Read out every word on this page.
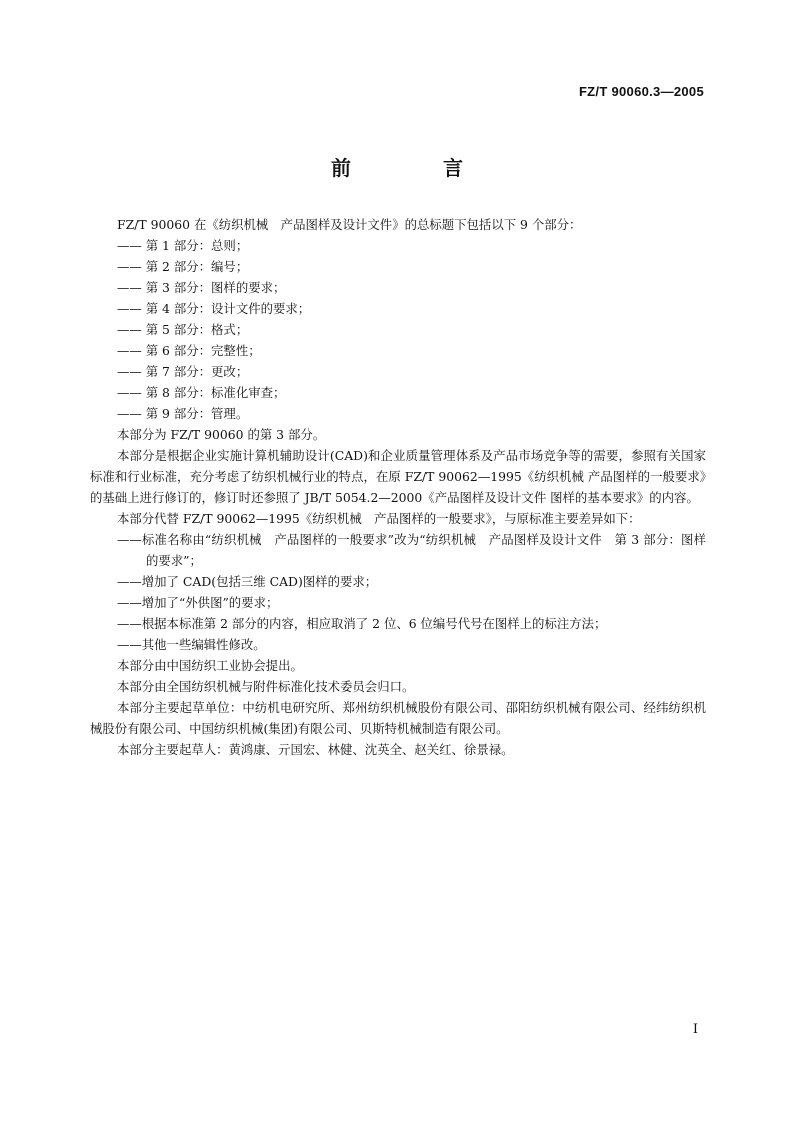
FZ/T 90060.3—2005
前　言

FZ/T 90060 在《纺织机械　产品图样及设计文件》的总标题下包括以下 9 个部分：

—— 第 1 部分：总则；

—— 第 2 部分：编号；

—— 第 3 部分：图样的要求；

—— 第 4 部分：设计文件的要求；

—— 第 5 部分：格式；

—— 第 6 部分：完整性；

—— 第 7 部分：更改；

—— 第 8 部分：标准化审查；

—— 第 9 部分：管理。

本部分为 FZ/T 90060 的第 3 部分。

本部分是根据企业实施计算机辅助设计(CAD)和企业质量管理体系及产品市场竞争等的需要，参照有关国家标准和行业标准，充分考虑了纺织机械行业的特点，在原 FZ/T 90062—1995《纺织机械 产品图样的一般要求》的基础上进行修订的，修订时还参照了 JB/T 5054.2—2000《产品图样及设计文件 图样的基本要求》的内容。

本部分代替 FZ/T 90062—1995《纺织机械　产品图样的一般要求》，与原标准主要差异如下：

——标准名称由“纺织机械　产品图样的一般要求”改为“纺织机械　产品图样及设计文件　第 3 部分：图样的要求”；

——增加了 CAD(包括三维 CAD)图样的要求；

——增加了“外供图”的要求；

——根据本标准第 2 部分的内容，相应取消了 2 位、6 位编号代号在图样上的标注方法；

——其他一些编辑性修改。

本部分由中国纺织工业协会提出。

本部分由全国纺织机械与附件标准化技术委员会归口。

本部分主要起草单位：中纺机电研究所、郑州纺织机械股份有限公司、邵阳纺织机械有限公司、经纬纺织机械股份有限公司、中国纺织机械(集团)有限公司、贝斯特机械制造有限公司。

本部分主要起草人：黄鸿康、亓国宏、林健、沈英全、赵关红、徐景禄。

I
